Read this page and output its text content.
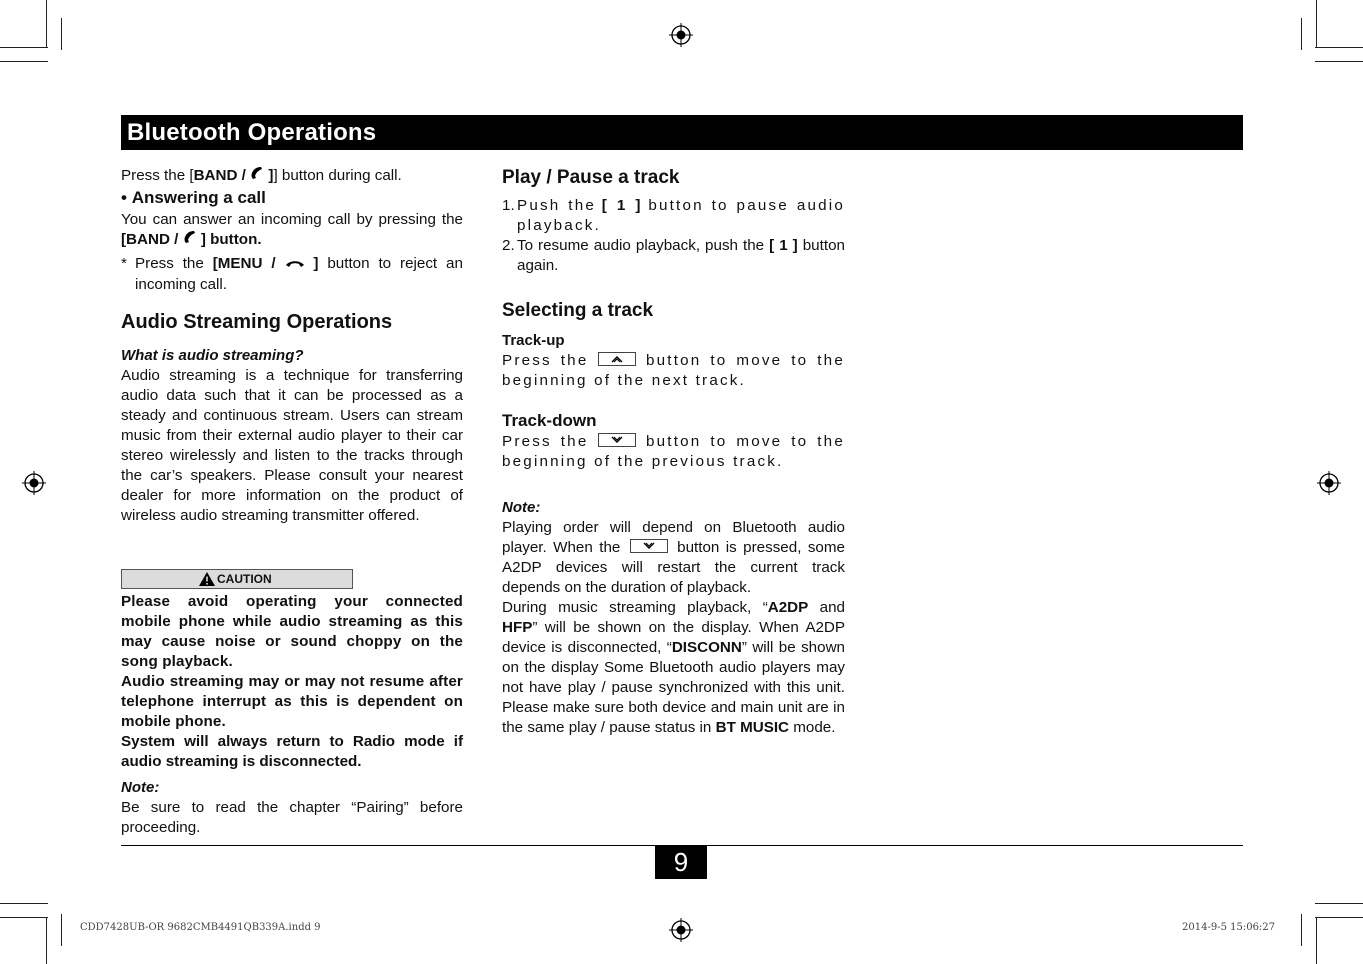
Bluetooth Operations

Press the [BAND / ]] button during call.

• Answering a call

You can answer an incoming call by pressing the [BAND / ] button.

* Press the [MENU / ] button to reject an incoming call.

Audio Streaming Operations

What is audio streaming?

Audio streaming is a technique for transferring audio data such that it can be processed as a steady and continuous stream. Users can stream music from their external audio player to their car stereo wirelessly and listen to the tracks through the car’s speakers. Please consult your nearest dealer for more information on the product of wireless audio streaming transmitter offered.

CAUTION

Please avoid operating your connected mobile phone while audio streaming as this may cause noise or sound choppy on the song playback.

Audio streaming may or may not resume after telephone interrupt as this is dependent on mobile phone.

System will always return to Radio mode if audio streaming is disconnected.

Note:

Be sure to read the chapter “Pairing” before proceeding.

Play / Pause a track

1. Push the [ 1 ] button to pause audio playback.
2. To resume audio playback, push the [ 1 ] button again.

Selecting a track

Track-up

Press the	button to move to the beginning of the next track.

Track-down

Press the	button to move to the beginning of the previous track.

Note:

Playing order will depend on Bluetooth audio player. When the	button is pressed, some A2DP devices will restart the current track depends on the duration of playback.

During music streaming playback, “A2DP and HFP” will be shown on the display. When A2DP device is disconnected, “DISCONN” will be shown on the display Some Bluetooth audio players may not have play / pause synchronized with this unit. Please make sure both device and main unit are in the same play / pause status in BT MUSIC mode.

9
CDD7428UB-OR 9682CMB4491QB339A.indd 9	2014-9-5 15:06:27
